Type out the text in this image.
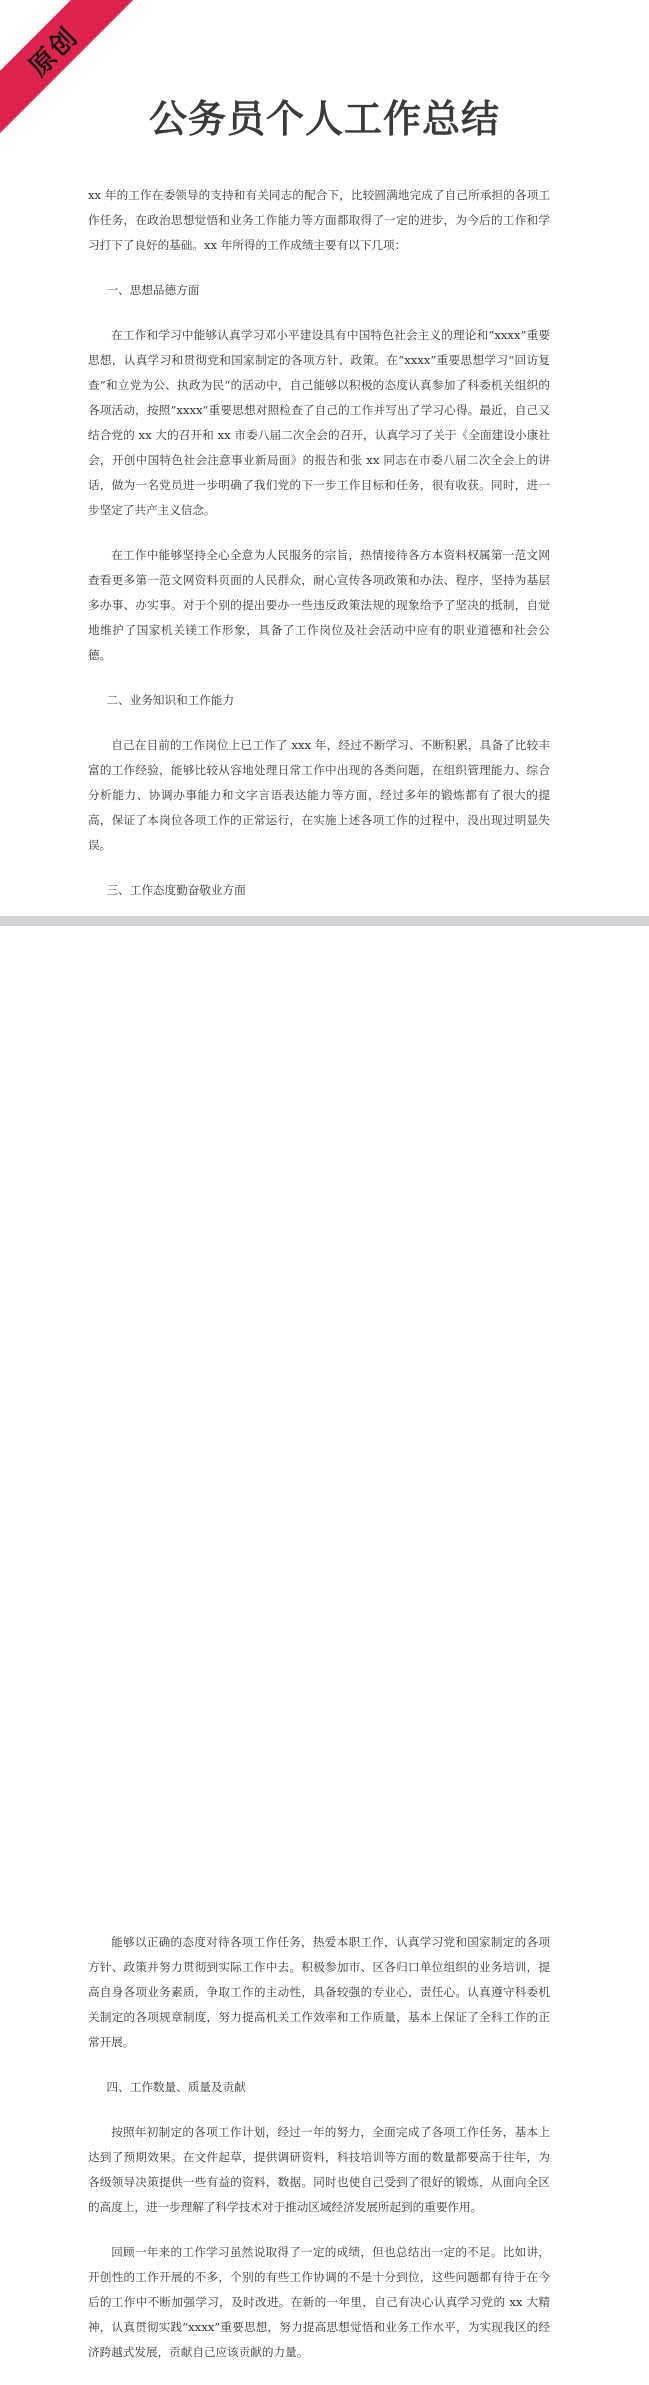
原创
公务员个人工作总结

xx 年的工作在委领导的支持和有关同志的配合下，比较圆满地完成了自己所承担的各项工作任务，在政治思想觉悟和业务工作能力等方面都取得了一定的进步，为今后的工作和学习打下了良好的基础。xx 年所得的工作成绩主要有以下几项：

一、思想品德方面

在工作和学习中能够认真学习邓小平建设具有中国特色社会主义的理论和“xxxx”重要思想，认真学习和贯彻党和国家制定的各项方针、政策。在“xxxx”重要思想学习“回访复查”和立党为公、执政为民“的活动中，自己能够以积极的态度认真参加了科委机关组织的各项活动，按照”xxxx“重要思想对照检查了自己的工作并写出了学习心得。最近，自己又结合党的 xx 大的召开和 xx 市委八届二次全会的召开，认真学习了关于《全面建设小康社会，开创中国特色社会注意事业新局面》的报告和张 xx 同志在市委八届二次全会上的讲话，做为一名党员进一步明确了我们党的下一步工作目标和任务，很有收获。同时，进一步坚定了共产主义信念。

在工作中能够坚持全心全意为人民服务的宗旨，热情接待各方本资料权属第一范文网查看更多第一范文网资料页面的人民群众，耐心宣传各项政策和办法、程序，坚持为基层多办事、办实事。对于个别的提出要办一些违反政策法规的现象给予了坚决的抵制，自觉地维护了国家机关镁工作形象，具备了工作岗位及社会活动中应有的职业道德和社会公德。

二、业务知识和工作能力

自己在目前的工作岗位上已工作了 xxx 年，经过不断学习、不断积累，具备了比较丰富的工作经验，能够比较从容地处理日常工作中出现的各类问题，在组织管理能力、综合分析能力、协调办事能力和文字言语表达能力等方面，经过多年的锻炼都有了很大的提高，保证了本岗位各项工作的正常运行，在实施上述各项工作的过程中，没出现过明显失误。

三、工作态度勤奋敬业方面

能够以正确的态度对待各项工作任务，热爱本职工作，认真学习党和国家制定的各项方针、政策并努力贯彻到实际工作中去。积极参加市、区各归口单位组织的业务培训，提高自身各项业务素质，争取工作的主动性，具备较强的专业心，责任心。认真遵守科委机关制定的各项规章制度，努力提高机关工作效率和工作质量，基本上保证了全科工作的正常开展。

四、工作数量、质量及贡献

按照年初制定的各项工作计划，经过一年的努力，全面完成了各项工作任务，基本上达到了预期效果。在文件起草，提供调研资料，科技培训等方面的数量都要高于往年，为各级领导决策提供一些有益的资料，数据。同时也使自己受到了很好的锻炼，从面向全区的高度上，进一步理解了科学技术对于推动区域经济发展所起到的重要作用。

回顾一年来的工作学习虽然说取得了一定的成绩，但也总结出一定的不足。比如讲，开创性的工作开展的不多，个别的有些工作协调的不是十分到位，这些问题都有待于在今后的工作中不断加强学习，及时改进。在新的一年里，自己有决心认真学习党的 xx 大精神，认真贯彻实践“xxxx”重要思想，努力提高思想觉悟和业务工作水平，为实现我区的经济跨越式发展，贡献自己应该贡献的力量。
